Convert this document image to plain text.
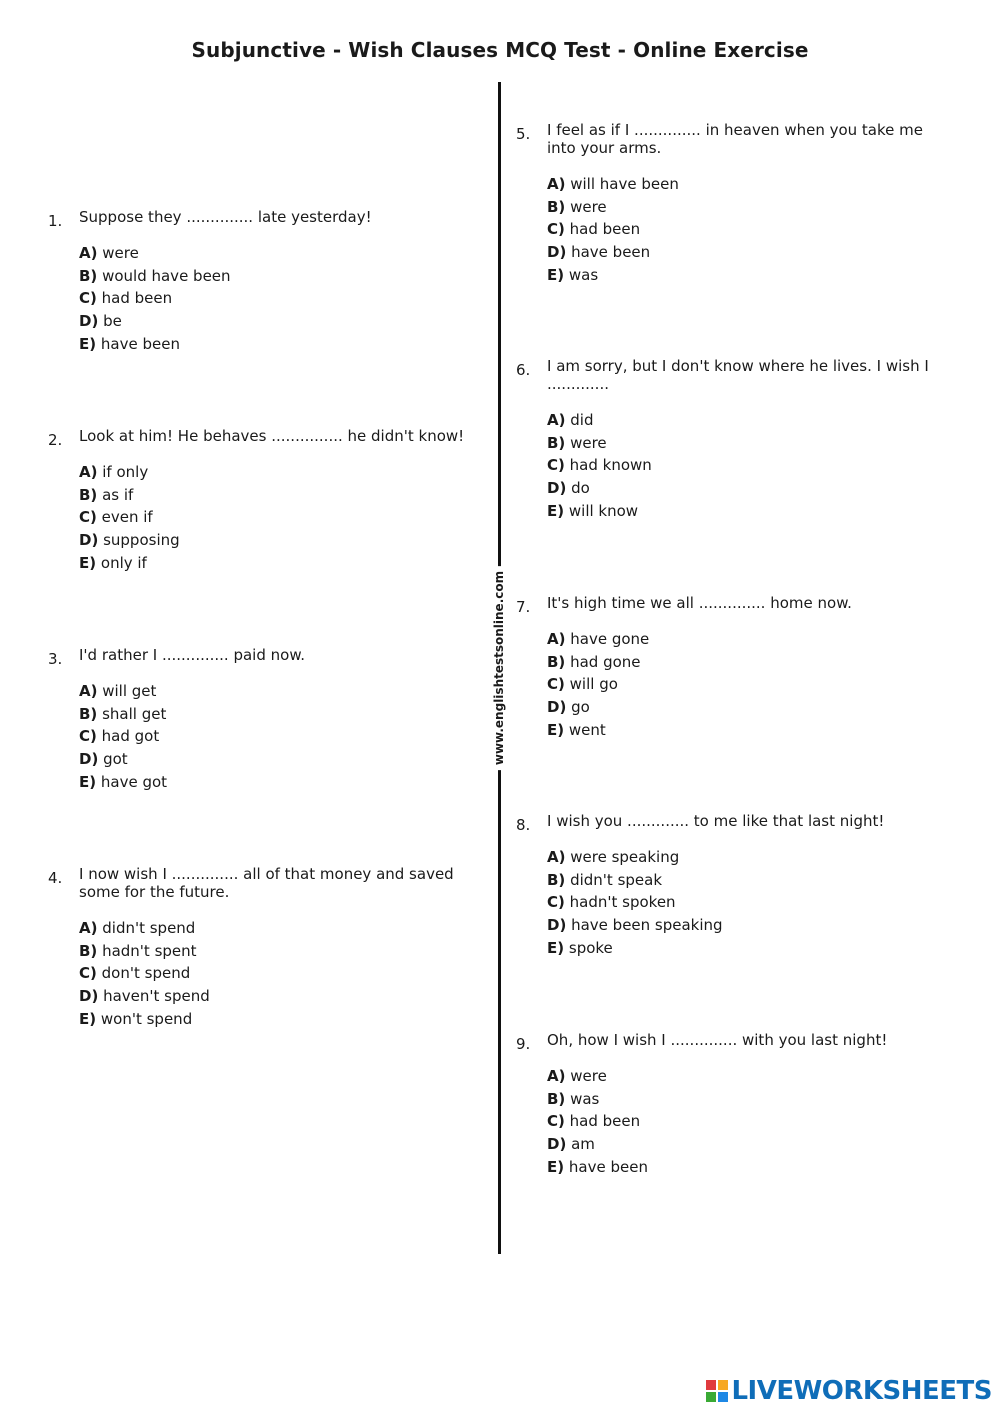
Subjunctive - Wish Clauses MCQ Test - Online Exercise
www.englishtestsonline.com
1. Suppose they .............. late yesterday!
A) were
B) would have been
C) had been
D) be
E) have been
2. Look at him! He behaves ............... he didn't know!
A) if only
B) as if
C) even if
D) supposing
E) only if
3. I'd rather I .............. paid now.
A) will get
B) shall get
C) had got
D) got
E) have got
4. I now wish I .............. all of that money and saved some for the future.
A) didn't spend
B) hadn't spent
C) don't spend
D) haven't spend
E) won't spend
5. I feel as if I .............. in heaven when you take me into your arms.
A) will have been
B) were
C) had been
D) have been
E) was
6. I am sorry, but I don't know where he lives. I wish I .............
A) did
B) were
C) had known
D) do
E) will know
7. It's high time we all .............. home now.
A) have gone
B) had gone
C) will go
D) go
E) went
8. I wish you ............. to me like that last night!
A) were speaking
B) didn't speak
C) hadn't spoken
D) have been speaking
E) spoke
9. Oh, how I wish I .............. with you last night!
A) were
B) was
C) had been
D) am
E) have been
LIVEWORKSHEETS
